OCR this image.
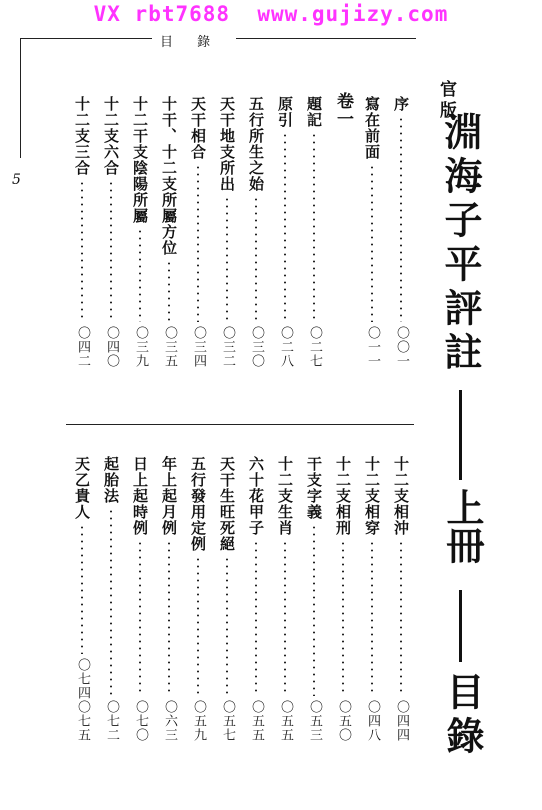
VX rbt7688  www.gujizy.com
目 錄
5
序
〇〇一
寫在前面
〇一一
卷一
題記
〇二七
原引
〇二八
五行所生之始
〇三〇
天干地支所出
〇三二
天干相合
〇三四
十干、十二支所屬方位
〇三五
十二干支陰陽所屬
〇三九
十二支六合
〇四〇
十二支三合
〇四二
十二支相沖
〇四四
十二支相穿
〇四八
十二支相刑
〇五〇
干支字義
〇五三
十二支生肖
〇五五
六十花甲子
〇五五
天干生旺死絕
〇五七
五行發用定例
〇五九
年上起月例
〇六三
日上起時例
〇七〇
起胎法
〇七二
天乙貴人
〇七四
〇七五
官版
淵海子平評註
上冊
目錄
